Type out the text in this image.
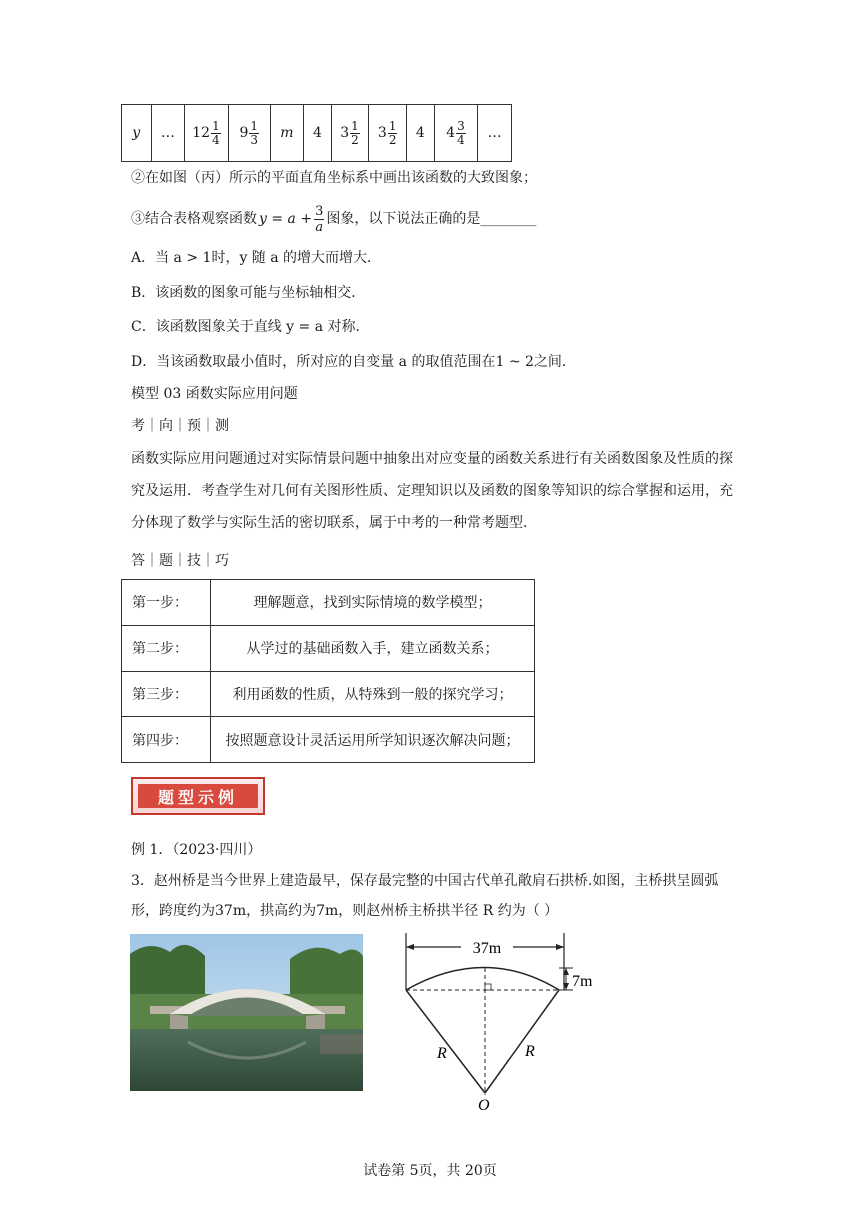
y	…	$12 \frac{1}{4}$	$9 \frac{1}{3}$	m	4	$3 \frac{1}{2}$	$3 \frac{1}{2}$	4	$4 \frac{3}{4}$	…
②在如图（丙）所示的平面直角坐标系中画出该函数的大致图象；
③结合表格观察函数 $y = a + \frac{3}{a}$ 图象，以下说法正确的是________
A．当 a > 1时，y 随 a 的增大而增大．
B．该函数的图象可能与坐标轴相交．
C．该函数图象关于直线 y = a 对称．
D．当该函数取最小值时，所对应的自变量 a 的取值范围在1 ~ 2之间．
模型 03 函数实际应用问题
考｜向｜预｜测
函数实际应用问题通过对实际情景问题中抽象出对应变量的函数关系进行有关函数图象及性质的探究及运用．考查学生对几何有关图形性质、定理知识以及函数的图象等知识的综合掌握和运用，充分体现了数学与实际生活的密切联系，属于中考的一种常考题型．
答｜题｜技｜巧
第一步：	理解题意，找到实际情境的数学模型；
第二步：	从学过的基础函数入手，建立函数关系；
第三步：	利用函数的性质，从特殊到一般的探究学习；
第四步：	按照题意设计灵活运用所学知识逐次解决问题；
题型示例
例 1．（2023·四川）
3．赵州桥是当今世界上建造最早，保存最完整的中国古代单孔敞肩石拱桥.如图，主桥拱呈圆弧形，跨度约为37m，拱高约为7m，则赵州桥主桥拱半径 R 约为（ ）
37m
7m
R	R
O
试卷第 5页，共 20页
